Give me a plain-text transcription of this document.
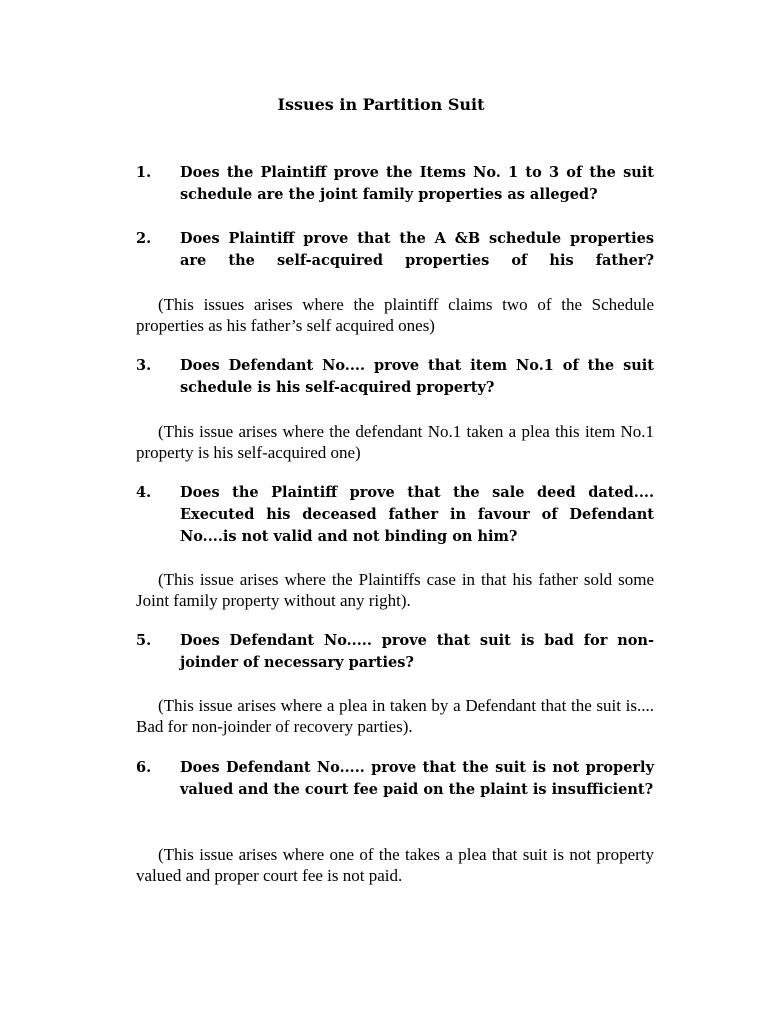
Issues in Partition Suit
1.	Does the Plaintiff prove the Items No. 1 to 3 of the suit schedule are the joint family properties as alleged?
2.	Does Plaintiff prove that the A &B schedule properties are the self-acquired properties of his father?
(This issues arises where the plaintiff claims two of the Schedule properties as his father’s self acquired ones)
3.	Does Defendant No.... prove that item No.1 of the suit schedule is his self-acquired property?
(This issue arises where the defendant No.1 taken a plea this item No.1 property is his self-acquired one)
4.	Does the Plaintiff prove that the sale deed dated.... Executed his deceased father in favour of Defendant No....is not valid and not binding on him?
(This issue arises where the Plaintiffs case in that his father sold some Joint family property without any right).
5.	Does Defendant No..... prove that suit is bad for non-joinder of necessary parties?
(This issue arises where a plea in taken by a Defendant that the suit is.... Bad for non-joinder of recovery parties).
6.	Does Defendant No..... prove that the suit is not properly valued and the court fee paid on the plaint is insufficient?
(This issue arises where one of the takes a plea that suit is not property valued and proper court fee is not paid.
